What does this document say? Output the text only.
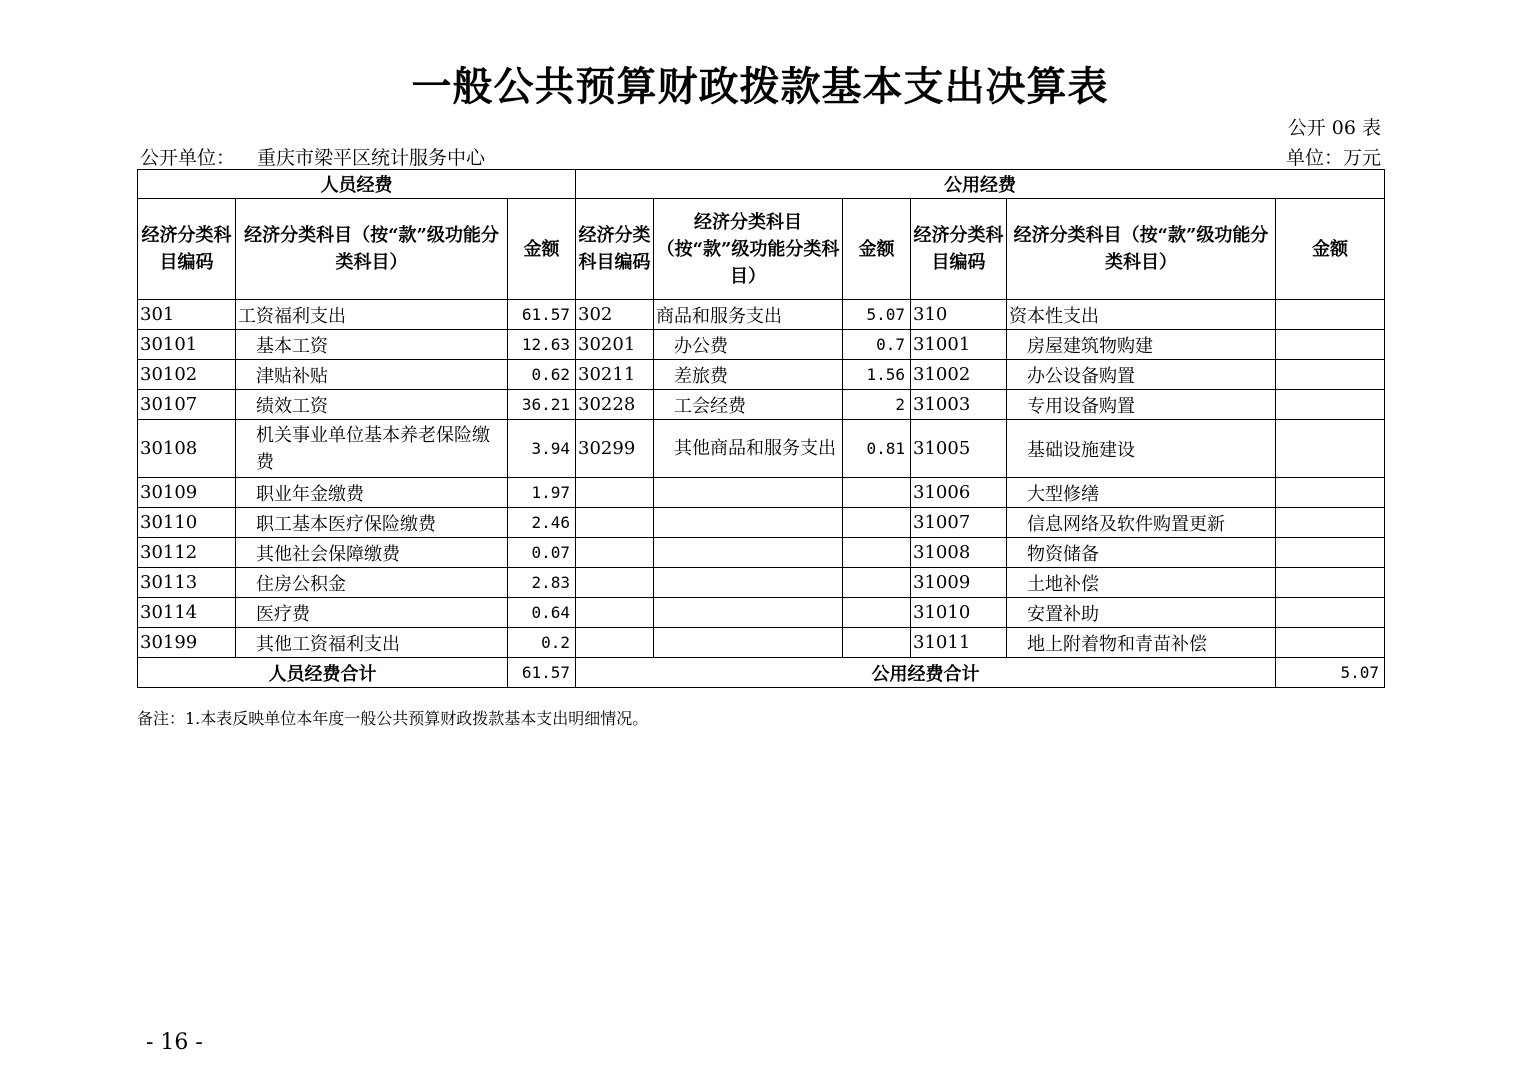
一般公共预算财政拨款基本支出决算表
公开 06 表
公开单位： 重庆市梁平区统计服务中心	单位：万元
人员经费			公用经费					
经济分类科目编码	经济分类科目（按“款”级功能分类科目）	金额	经济分类科目编码	经济分类科目（按“款”级功能分类科目）	金额	经济分类科目编码	经济分类科目（按“款”级功能分类科目）	金额
301	工资福利支出	61.57	302	商品和服务支出	5.07	310	资本性支出	
30101	基本工资	12.63	30201	办公费	0.7	31001	房屋建筑物购建	
30102	津贴补贴	0.62	30211	差旅费	1.56	31002	办公设备购置	
30107	绩效工资	36.21	30228	工会经费	2	31003	专用设备购置	
30108	机关事业单位基本养老保险缴费	3.94	30299	其他商品和服务支出	0.81	31005	基础设施建设	
30109	职业年金缴费	1.97				31006	大型修缮	
30110	职工基本医疗保险缴费	2.46				31007	信息网络及软件购置更新	
30112	其他社会保障缴费	0.07				31008	物资储备	
30113	住房公积金	2.83				31009	土地补偿	
30114	医疗费	0.64				31010	安置补助	
30199	其他工资福利支出	0.2				31011	地上附着物和青苗补偿	
人员经费合计		61.57	公用经费合计					5.07
备注：1.本表反映单位本年度一般公共预算财政拨款基本支出明细情况。
- 16 -
